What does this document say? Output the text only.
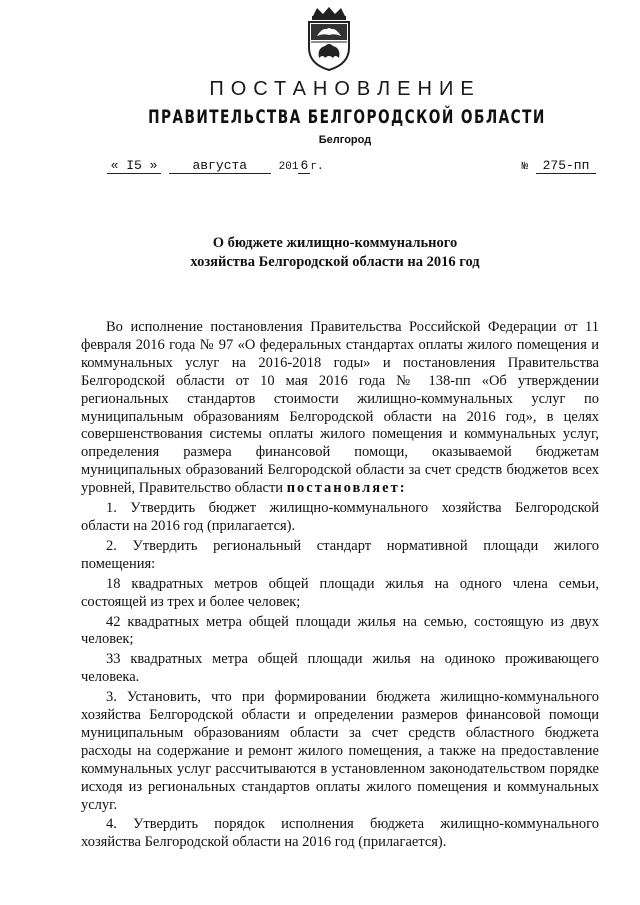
ПОСТАНОВЛЕНИЕ
ПРАВИТЕЛЬСТВА БЕЛГОРОДСКОЙ ОБЛАСТИ
Белгород
« I5 »	августа	201 6 г.	№ 275-пп
О бюджете жилищно-коммунального
хозяйства Белгородской области на 2016 год

Во исполнение постановления Правительства Российской Федерации от 11 февраля 2016 года № 97 «О федеральных стандартах оплаты жилого помещения и коммунальных услуг на 2016-2018 годы» и постановления Правительства Белгородской области от 10 мая 2016 года № 138-пп «Об утверждении региональных стандартов стоимости жилищно-коммунальных услуг по муниципальным образованиям Белгородской области на 2016 год», в целях совершенствования системы оплаты жилого помещения и коммунальных услуг, определения размера финансовой помощи, оказываемой бюджетам муниципальных образований Белгородской области за счет средств бюджетов всех уровней, Правительство области постановляет:

1. Утвердить бюджет жилищно-коммунального хозяйства Белгородской области на 2016 год (прилагается).

2. Утвердить региональный стандарт нормативной площади жилого помещения:

18 квадратных метров общей площади жилья на одного члена семьи, состоящей из трех и более человек;

42 квадратных метра общей площади жилья на семью, состоящую из двух человек;

33 квадратных метра общей площади жилья на одиноко проживающего человека.

3. Установить, что при формировании бюджета жилищно-коммунального хозяйства Белгородской области и определении размеров финансовой помощи муниципальным образованиям области за счет средств областного бюджета расходы на содержание и ремонт жилого помещения, а также на предоставление коммунальных услуг рассчитываются в установленном законодательством порядке исходя из региональных стандартов оплаты жилого помещения и коммунальных услуг.

4. Утвердить порядок исполнения бюджета жилищно-коммунального хозяйства Белгородской области на 2016 год (прилагается).
